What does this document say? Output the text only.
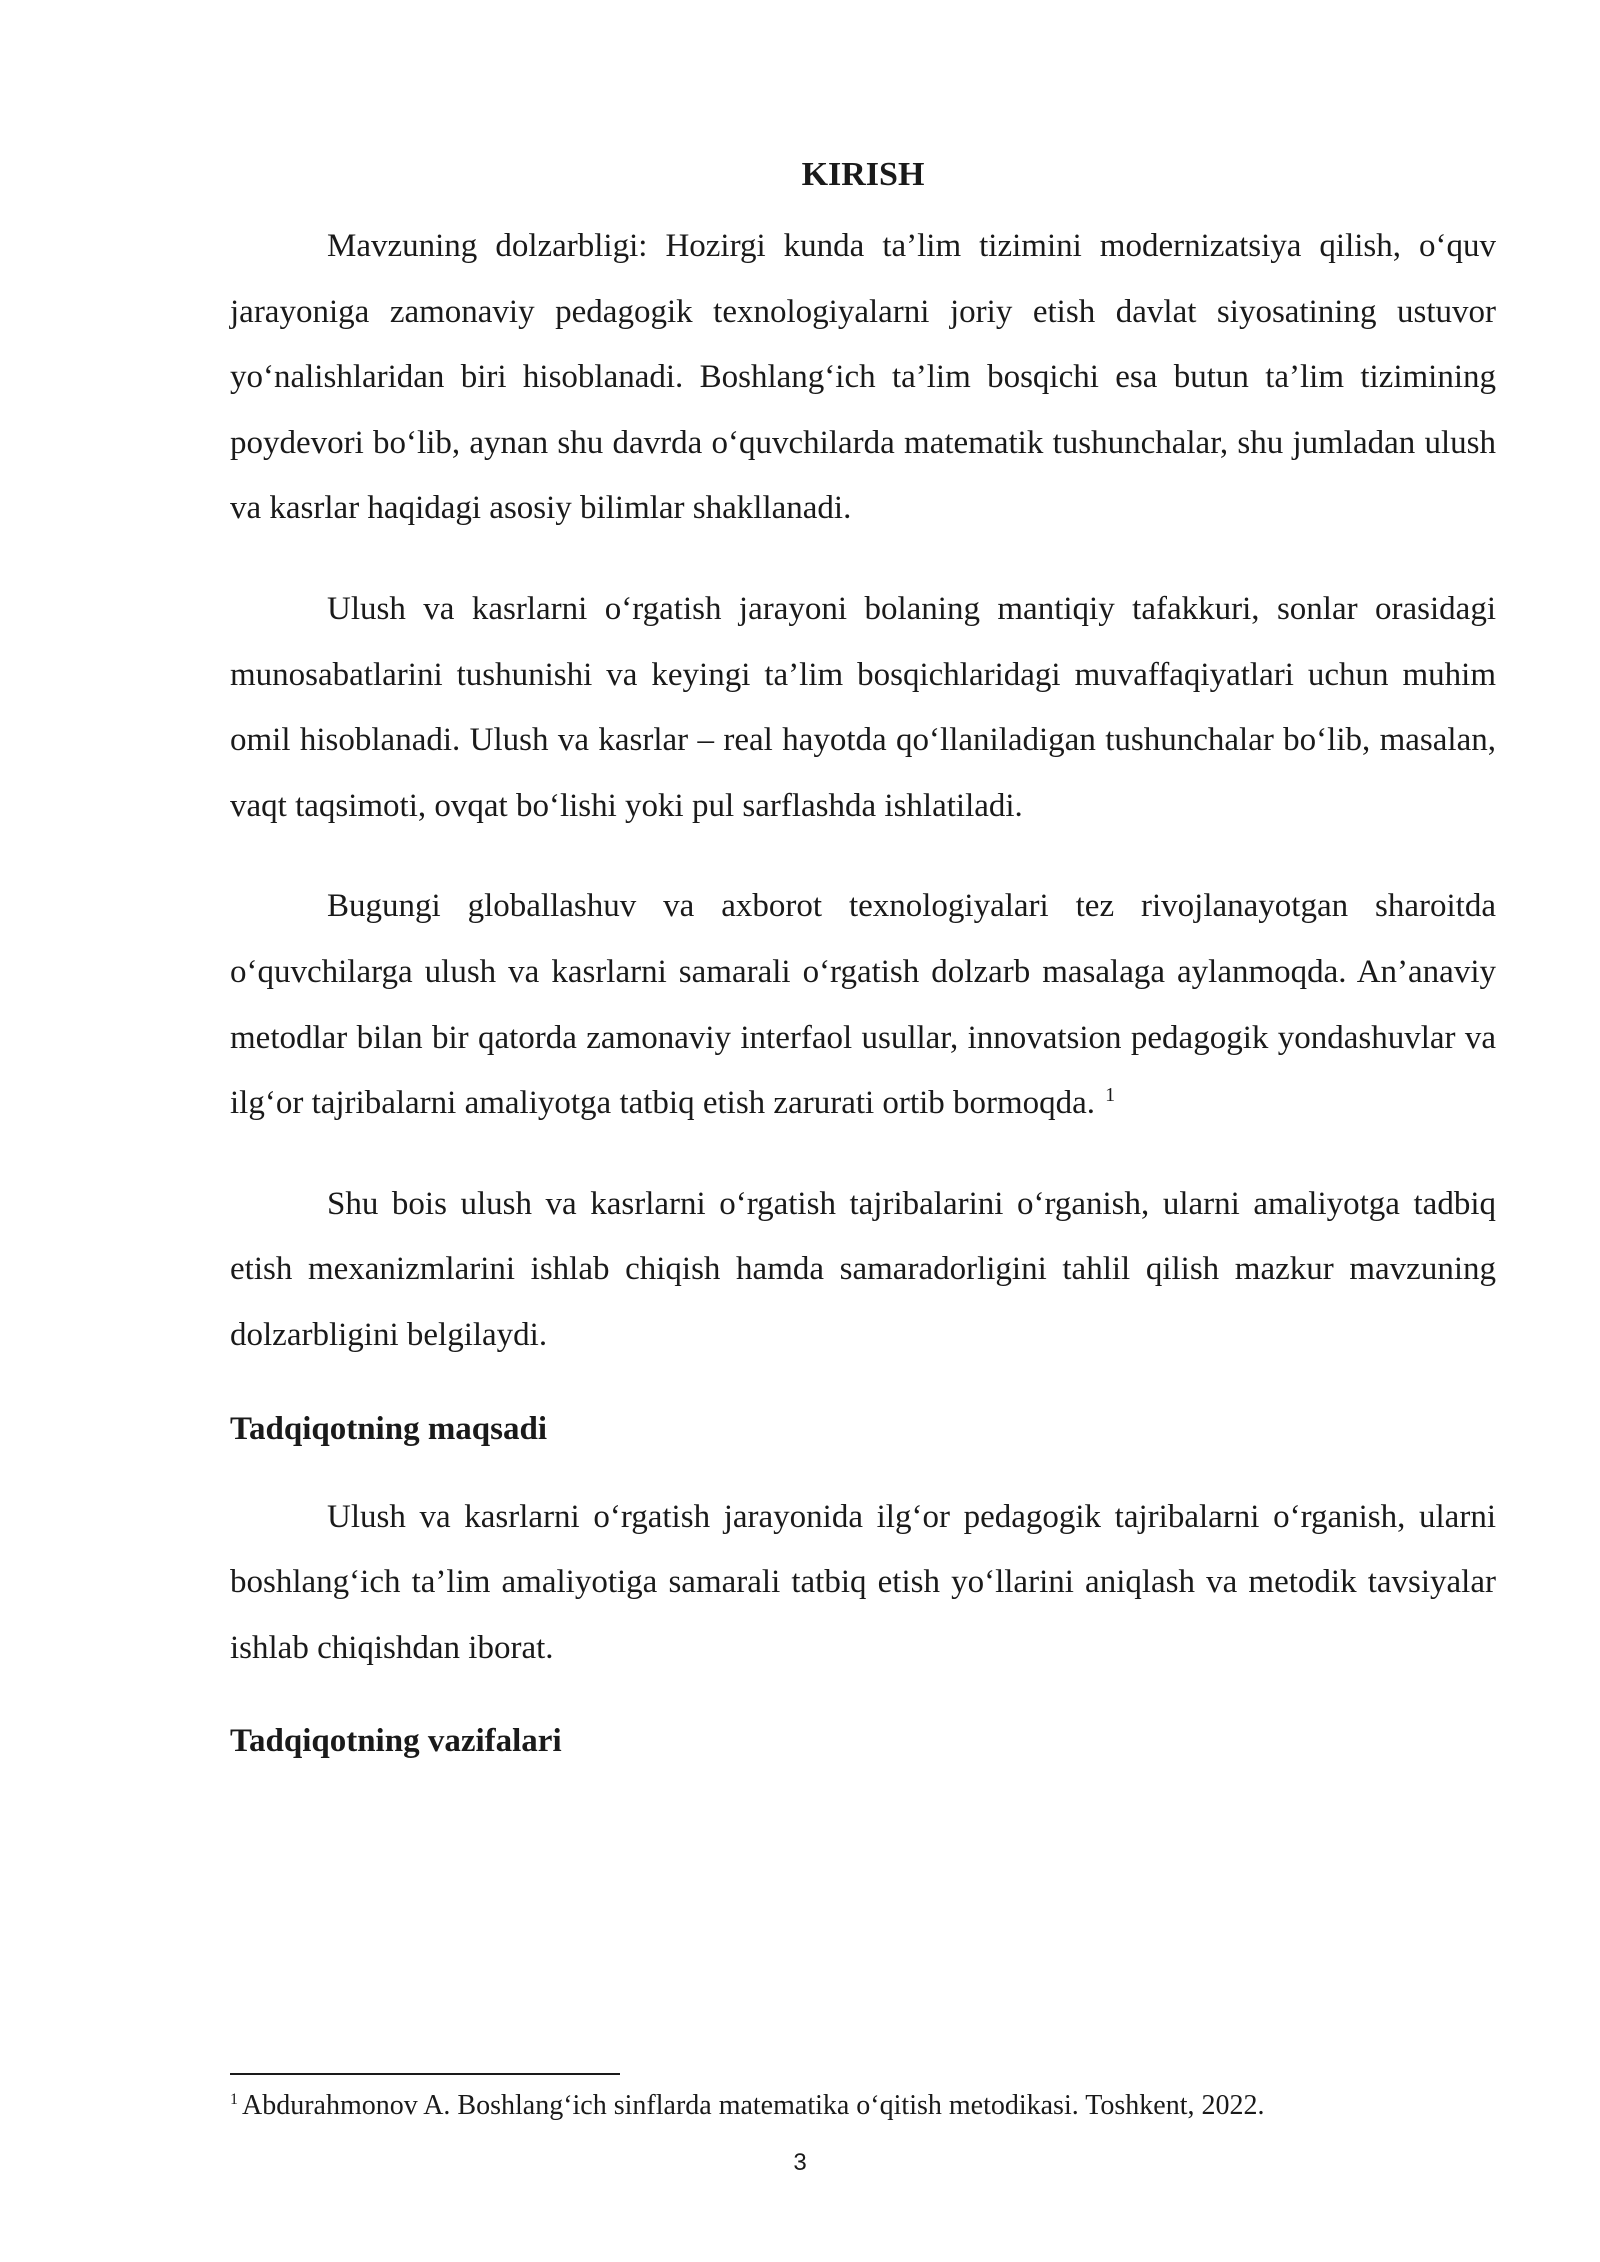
KIRISH

Mavzuning dolzarbligi: Hozirgi kunda ta’lim tizimini modernizatsiya qilish, o‘quv jarayoniga zamonaviy pedagogik texnologiyalarni joriy etish davlat siyosatining ustuvor yo‘nalishlaridan biri hisoblanadi. Boshlang‘ich ta’lim bosqichi esa butun ta’lim tizimining poydevori bo‘lib, aynan shu davrda o‘quvchilarda matematik tushunchalar, shu jumladan ulush va kasrlar haqidagi asosiy bilimlar shakllanadi.

Ulush va kasrlarni o‘rgatish jarayoni bolaning mantiqiy tafakkuri, sonlar orasidagi munosabatlarini tushunishi va keyingi ta’lim bosqichlaridagi muvaffaqiyatlari uchun muhim omil hisoblanadi. Ulush va kasrlar – real hayotda qo‘llaniladigan tushunchalar bo‘lib, masalan, vaqt taqsimoti, ovqat bo‘lishi yoki pul sarflashda ishlatiladi.

Bugungi globallashuv va axborot texnologiyalari tez rivojlanayotgan sharoitda o‘quvchilarga ulush va kasrlarni samarali o‘rgatish dolzarb masalaga aylanmoqda. An’anaviy metodlar bilan bir qatorda zamonaviy interfaol usullar, innovatsion pedagogik yondashuvlar va ilg‘or tajribalarni amaliyotga tatbiq etish zarurati ortib bormoqda. $^1$

Shu bois ulush va kasrlarni o‘rgatish tajribalarini o‘rganish, ularni amaliyotga tadbiq etish mexanizmlarini ishlab chiqish hamda samaradorligini tahlil qilish mazkur mavzuning dolzarbligini belgilaydi.

Tadqiqotning maqsadi

Ulush va kasrlarni o‘rgatish jarayonida ilg‘or pedagogik tajribalarni o‘rganish, ularni boshlang‘ich ta’lim amaliyotiga samarali tatbiq etish yo‘llarini aniqlash va metodik tavsiyalar ishlab chiqishdan iborat.

Tadqiqotning vazifalari
$^1$ Abdurahmonov A. Boshlang‘ich sinflarda matematika o‘qitish metodikasi. Toshkent, 2022.
3
